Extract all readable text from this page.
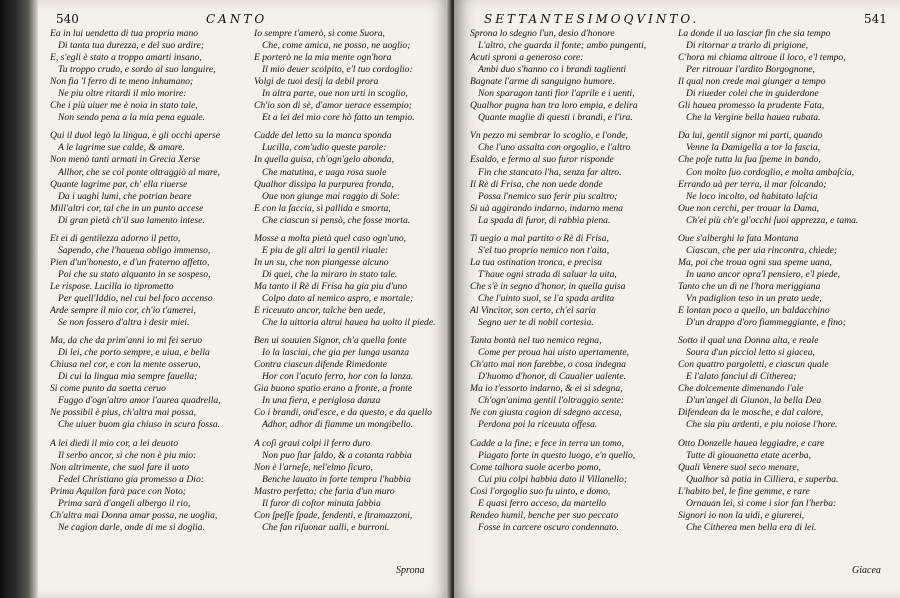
540	CANTO
Ea in lui uendetta di tua propria mano
Di tanta tua durezza, e del suo ardire;
E, s'egli è stato a troppo amarti insano,
Tu troppo crudo, e sordo al suo languire,
Non fia 'l ferro di te meno inhumano;
Ne piu oltre ritardi il mio morire:
Che i più uiuer me è noia in stato tale,
Non sendo pena a la mia pena eguale.
Qui il duol legò la lingua, e gli occhi aperse
A le lagrime sue calde, & amare.
Non menò tanti armati in Grecia Xerse
Allhor, che se col ponte oltraggiò al mare,
Quante lagrime par, ch' ella riuerse
Da i uaghi lumi, che potrian bearе
Mill'altri cor, tal che in un punto accese
Di gran pietà ch'il suo lamento intese.
Et ei di gentilezza adorno il petto,
Sapendo, che l'haueua obligo immenso,
Pien d'un'honesto, e d'un fraterno affetto,
Poi che su stato alquanto in se sospeso,
Le rispose. Lucilla io tipromettо
Per quell'Iddio, nel cui bel foco accenso
Arde sempre il mio cor, ch'io t'amerei,
Se non fossero d'altra i desir miei.
Ma, da che da prim'anni io mi fei seruo
Di lei, che porto sempre, e uiua, e bella
Chiusa nel cor, e con la mente osseruo,
Di cui la lingua mia sempre fauella;
Si come punto da saetta ceruo
Fuggo d'ogn'altro amor l'aurea quadrella,
Ne possibil è pius, ch'altra mai possa,
Che uiuer buom gia chiuso in scura fossa.
A lei diedi il mio cor, a lei deuoto
Il serbo ancor, sì che non è piu mio:
Non altrimente, che suol fare il uoto
Fedel Christiano gia promesso a Dio:
Prima Aquilon farà pace con Noto;
Prima sarà d'angeli albergo il rio,
Ch'altra mai Donna amar possa, ne uoglia,
Ne cagion darle, onde di me si doglia.
Io sempre t'amerò, sì come Suora,
Che, come amica, ne posso, ne uoglio;
E porterò ne la mia mente ogn'hora
Il mio deuer scolpito, e'l tuo cordoglio:
Volgi de tuoi desij la debil prora
In altra parte, oue non urti in scoglio,
Ch'io son di sè, d'amor uerace essempio;
Et a lei del mio core hò fatto un tempio.
Cadde del letto su la manca sponda
Lucilla, com'udio queste parole:
In quella guisa, ch'ogn'gelo abonda,
Che matutina, e uaga rosa suole
Qualhor dissipa la purpurea fronda,
Oue non giunge mai raggio di Sole:
E con la faccia, sì pallida e smorta,
Che ciascun si pensò, che fosse morta.
Mosse a molta pietà quel caso ogn'uno,
E piu de gli altri la gentil riuale:
In un su, che non piangesse alcuno
Di quei, che la miraro in stato tale.
Ma tanto il Rè di Frisa ha gia piu d'uno
Colpo dato al nemico aspro, e mortale;
E riceuuto ancor, talche ben uede,
Che la uittoria altrui hauea ha uolto il piede.
Ben ui souuien Signor, ch'a quella fonte
Io la lasciai, che gia per lunga usanza
Contra ciascun difende Rimedonte
Hor con l'acuto ferro, hor con la lanza.
Gia buono spatio erano a fronte, a fronte
In una fiera, e periglosa danza
Co i brandi, ond'esce, e da questo, e da quello
Adhor, adhor di fiamme un mongibello.
A coſi graui colpi il ferro duro
Non puo ſtar ſaldo, & a cotanta rabbia
Non è l'arneſe, nel'elmo ſicuro,
Benche lauato in forte tempra l'habbia
Mastro perfetto; che faria d'un muro
Il furor di coſtor minuta ſabbia
Con ſpeſſe ſpade, fendenti, e ſtramazzoni,
Che fan riſuonar ualli, e burroni.
Sprona
SETTANTESIMOQVINTO.	541
Sprona lo sdegno l'un, desio d'honore
L'altro, che guarda il fonte; ambo pungenti,
Acuti sproni a generoso core:
Ambi duo s'hanno co i brandi taglienti
Bagnate l'arme di sanguigno humore.
Non sparagon tanti fior l'aprile e i uenti,
Qualhor pugna han tra loro empia, e delira
Quante maglie di questi i brandi, e l'ira.
Vn pezzo mi sembrar lo scoglio, e l'onde,
Che l'uno assalta con orgoglio, e l'altro
Esaldo, e fermo al suo furor risponde
Fin che stancato l'ha, senza far altro.
Il Rè di Frisa, che non uede donde
Possa l'nemico suo ferir piu scaltro;
Si uà aggirando indarno, indarno mena
La spada di furor, di rabbia piena.
Ti uegio a mal partito o Rè di Frisa,
S'el tuo proprio nemico non t'aita,
La tua ostination tronca, e precisa
T'haue ogni strada di saluar la uita,
Che s'è in segno d'honor, in quella guisa
Che l'uinto suol, se l'a spada ardita
Al Vincitor, son certo, ch'ei saria
Segno uer te di nobil cortesia.
Tanta bontà nel tuo nemico regna,
Come per proua hai uisto apertamente,
Ch'atto mai non farebbe, o cosa indegna
D'huomo d'honor, di Caualier ualente.
Ma io t'essorto indarno, & ei si sdegna,
Ch'ogn'anima gentil l'oltraggio sente:
Ne con giusta cagion di sdegno accesa,
Perdona poi la riceuuta offesa.
Cadde a la fine; e fece in terra un tomo,
Piagato forte in questo luogo, e'n quello,
Come talhora suole acerbo pomo,
Cui piu colpi habbia dato il Villanello;
Cosi l'orgoglio suo fu uinto, e domo,
E quasi ferro acceso, da martello
Rendeo humil, benche per suo peccato
Fosse in carcere oscuro condennato.
La donde il uo lasciar fin che sia tempo
Di ritornar a trarlo di prigione,
C'hora mi chiama altroue il loco, e'l tempo,
Per ritrouar l'ardito Borgognone,
Il qual non crede mai giunger a tempo
Di riueder colei che in guiderdone
Gli hauea promesso la prudente Fata,
Che la Vergine bella hauea rubata.
Da lui, gentil signor mi parti, quando
Venne la Damigella a tor la fascia,
Che poſe tutta la ſua ſpeme in bando,
Con molto ſuo cordoglio, e molta ambaſcia,
Errando uà per terra, il mar ſolcando;
Ne loco incolto, od habitato laſcia
Oue non cerchi, per trouar la Dama,
Ch'ei più ch'e gl'occhi ſuoi apprezza, e tama.
Oue s'alberghi la fata Montana
Ciascun, che per uia rincontra, chiede;
Ma, poi che troua ogni sua speme uana,
In uano ancor opra'l pensiero, e'l piede,
Tanto che un dì ne l'hora meriggiana
Vn padiglion teso in un prato uede,
E lontan poco a quello, un baldacchino
D'un drappo d'oro fiammeggiante, e fino;
Sotto il qual una Donna alta, e reale
Sourа d'un picciol letto si giacea,
Con quattro pargoletti, e ciascun quale
E l'alato fanciul di Citherea;
Che dolcemente dimenando l'ale
D'un'angel di Giunon, la bella Dea
Difendean da le mosche, e dal calore,
Che sia piu ardenti, e piu noiose l'hore.
Otto Donzelle hauea leggiadre, e care
Tutte di giouanetta etate acerba,
Quali Venere suol seco menare,
Qualhor sà patia in Cilliera, e superba.
L'habito bel, le fine gemme, e rare
Ornauan lei, sì come i sior fan l'herba:
Signori io non la uidi, e giurerei,
Che Citherea men bella era di lei.
Giacea
